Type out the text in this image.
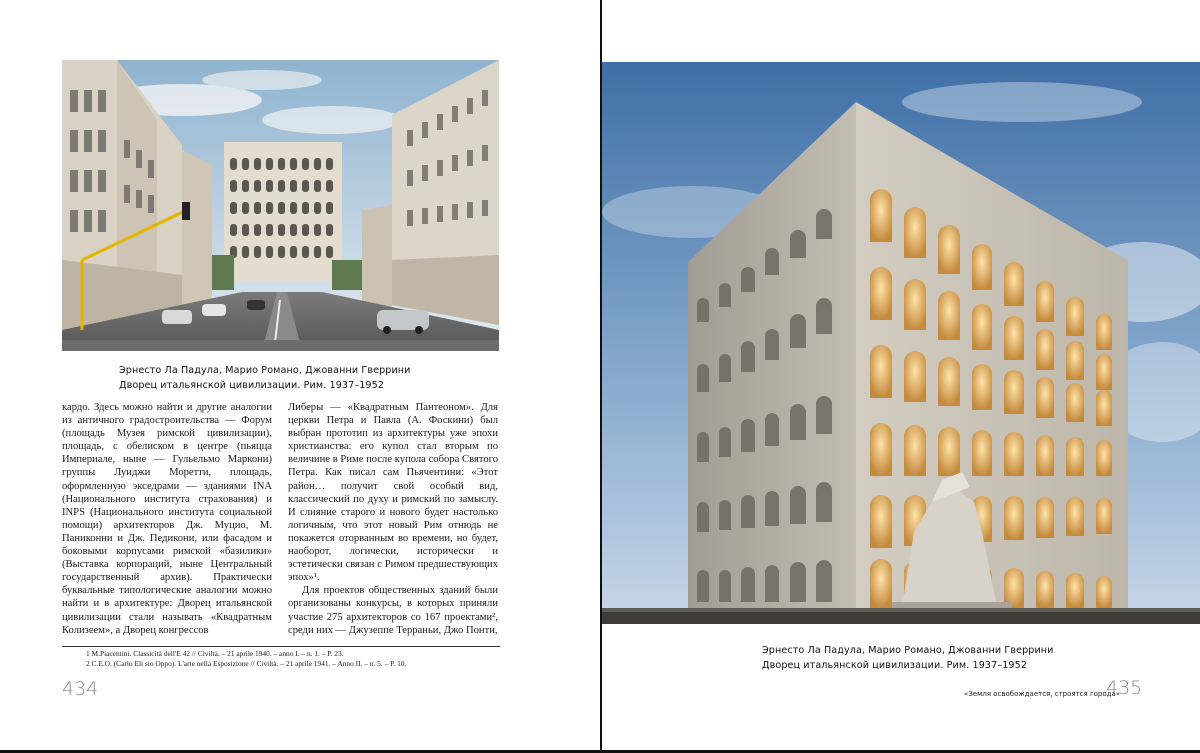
Эрнесто Ла Падула, Марио Романо, Джованни Гверрини
Дворец итальянской цивилизации. Рим. 1937–1952

кардо. Здесь можно найти и другие аналогии из античного градостроительства — Форум (площадь Музея римской цивилизации), площадь, с обелиском в центре (пьяцца Империале, ныне — Гульельмо Маркони) группы Луиджи Моретти, площадь, оформленную экседрами — зданиями INA (Национального института страхования) и INPS (Национального института социальной помощи) архитекторов Дж. Муцио, М. Паниконни и Дж. Педикони, или фасадом и боковыми корпусами римской «базилики» (Выставка корпораций, ныне Центральный государственный архив). Практически буквальные типологические аналогии можно найти и в архитектуре: Дворец итальянской цивилизации стали называть «Квадратным Колизеем», а Дворец конгрессов

Либеры — «Квадратным Пантеоном». Для церкви Петра и Павла (А. Фоскини) был выбран прототип из архитектуры уже эпохи христианства: его купол стал вторым по величине в Риме после купола собора Святого Петра. Как писал сам Пьячентини: «Этот район… получит свой особый вид, классический по духу и римский по замыслу. И слияние старого и нового будет настолько логичным, что этот новый Рим отнюдь не покажется оторванным во времени, но будет, наоборот, логически, исторически и эстетически связан с Римом предшествующих эпох»¹.

Для проектов общественных зданий были организованы конкурсы, в которых приняли участие 275 архитекторов со 167 проектами², среди них — Джузеппе Терраньи, Джо Понти,

1 M.Piacentini. Classicità dell'E 42 // Civiltà. – 21 aprile 1940. – anno I. – n. 1. – P. 23.
2 C.E.O. (Carlo Eli sio Oppo). L'arte nella Esposizione // Civiltà. – 21 aprile 1941. – Anno II. – n. 5. – P. 10.
434
Эрнесто Ла Падула, Марио Романо, Джованни Гверрини
Дворец итальянской цивилизации. Рим. 1937–1952
«Земля освобождается, строятся города»
435
